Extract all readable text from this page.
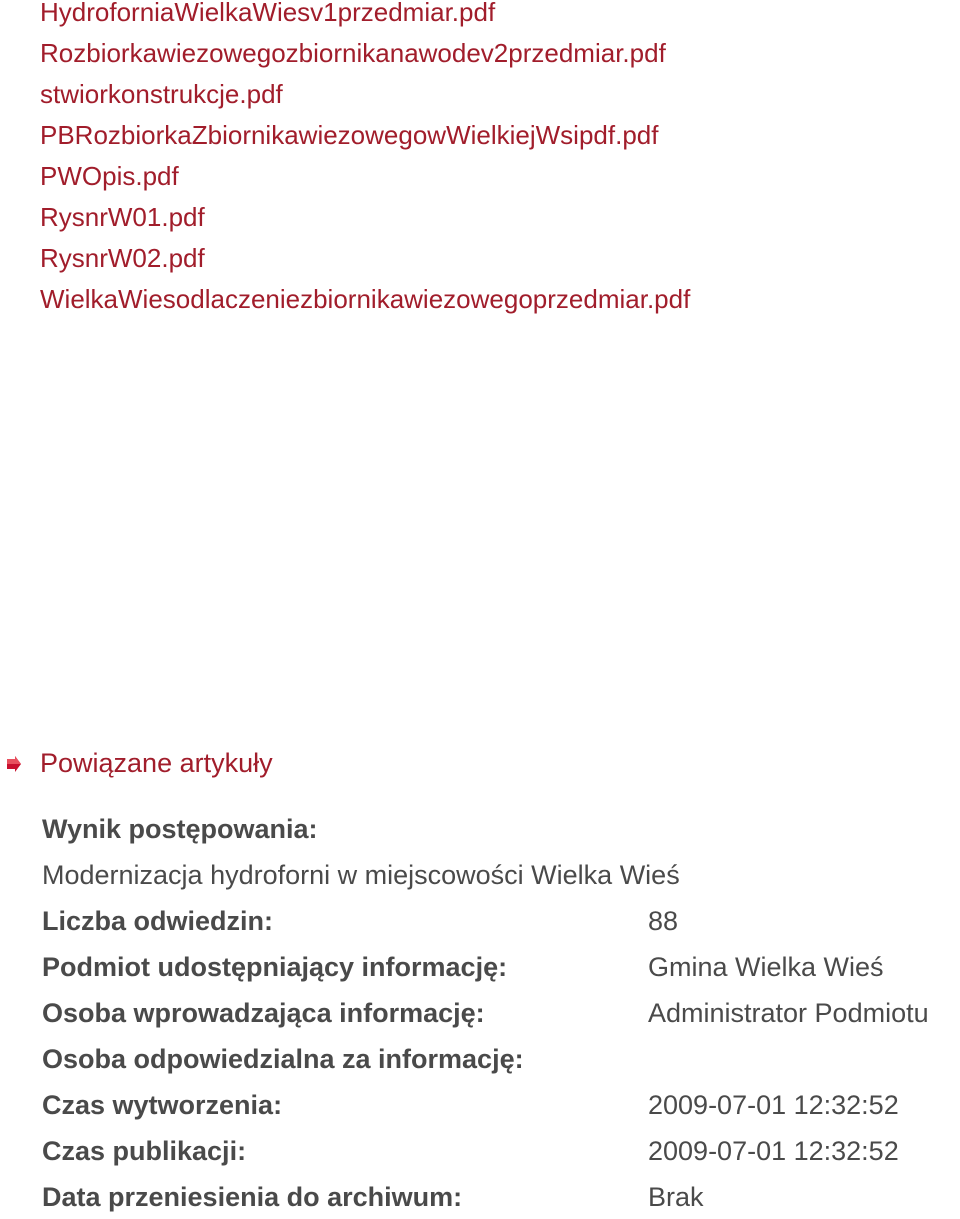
HydroforniaWielkaWiesv1przedmiar.pdf
Rozbiorkawiezowegozbiornikanawodev2przedmiar.pdf
stwiorkonstrukcje.pdf
PBRozbiorkaZbiornikawiezowegowWielkiejWsipdf.pdf
PWOpis.pdf
RysnrW01.pdf
RysnrW02.pdf
WielkaWiesodlaczeniezbiornikawiezowegoprzedmiar.pdf
Powiązane artykuły
Wynik postępowania:
Modernizacja hydroforni w miejscowości Wielka Wieś
Liczba odwiedzin:	88
Podmiot udostępniający informację:	Gmina Wielka Wieś
Osoba wprowadzająca informację:	Administrator Podmiotu
Osoba odpowiedzialna za informację:
Czas wytworzenia:	2009-07-01 12:32:52
Czas publikacji:	2009-07-01 12:32:52
Data przeniesienia do archiwum:	Brak
